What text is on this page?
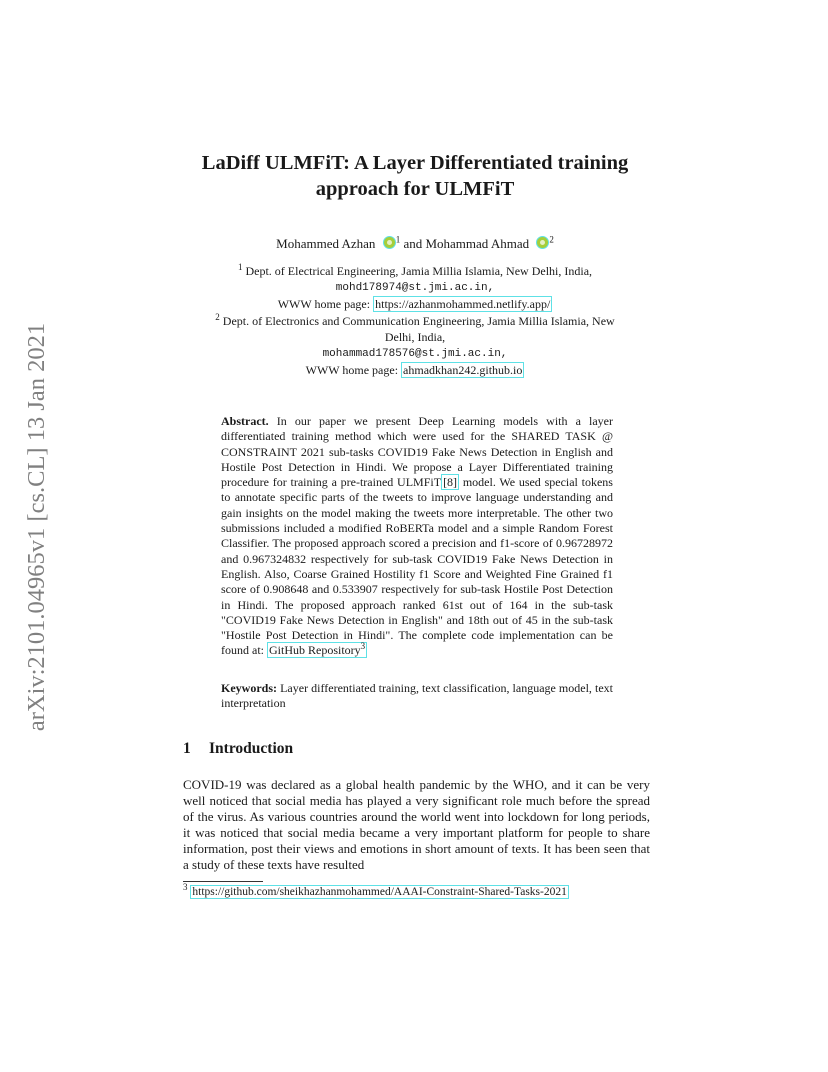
arXiv:2101.04965v1 [cs.CL] 13 Jan 2021
LaDiff ULMFiT: A Layer Differentiated training
approach for ULMFiT
Mohammed Azhan $^1$ and Mohammad Ahmad $^2$
$^1$ Dept. of Electrical Engineering, Jamia Millia Islamia, New Delhi, India,
mohd178974@st.jmi.ac.in,
WWW home page: https://azhanmohammed.netlify.app/
$^2$ Dept. of Electronics and Communication Engineering, Jamia Millia Islamia, New
Delhi, India,
mohammad178576@st.jmi.ac.in,
WWW home page: ahmadkhan242.github.io
Abstract. In our paper we present Deep Learning models with a layer differentiated training method which were used for the SHARED TASK @ CONSTRAINT 2021 sub-tasks COVID19 Fake News Detection in English and Hostile Post Detection in Hindi. We propose a Layer Differentiated training procedure for training a pre-trained ULMFiT [8] model. We used special tokens to annotate specific parts of the tweets to improve language understanding and gain insights on the model making the tweets more interpretable. The other two submissions included a modified RoBERTa model and a simple Random Forest Classifier. The proposed approach scored a precision and f1-score of 0.96728972 and 0.967324832 respectively for sub-task COVID19 Fake News Detection in English. Also, Coarse Grained Hostility f1 Score and Weighted Fine Grained f1 score of 0.908648 and 0.533907 respectively for sub-task Hostile Post Detection in Hindi. The proposed approach ranked 61st out of 164 in the sub-task "COVID19 Fake News Detection in English" and 18th out of 45 in the sub-task "Hostile Post Detection in Hindi". The complete code implementation can be found at: GitHub Repository$^3$
Keywords: Layer differentiated training, text classification, language model, text interpretation
1 Introduction
COVID-19 was declared as a global health pandemic by the WHO, and it can be very well noticed that social media has played a very significant role much before the spread of the virus. As various countries around the world went into lockdown for long periods, it was noticed that social media became a very important platform for people to share information, post their views and emotions in short amount of texts. It has been seen that a study of these texts have resulted
$^3$ https://github.com/sheikhazhanmohammed/AAAI-Constraint-Shared-Tasks-2021
